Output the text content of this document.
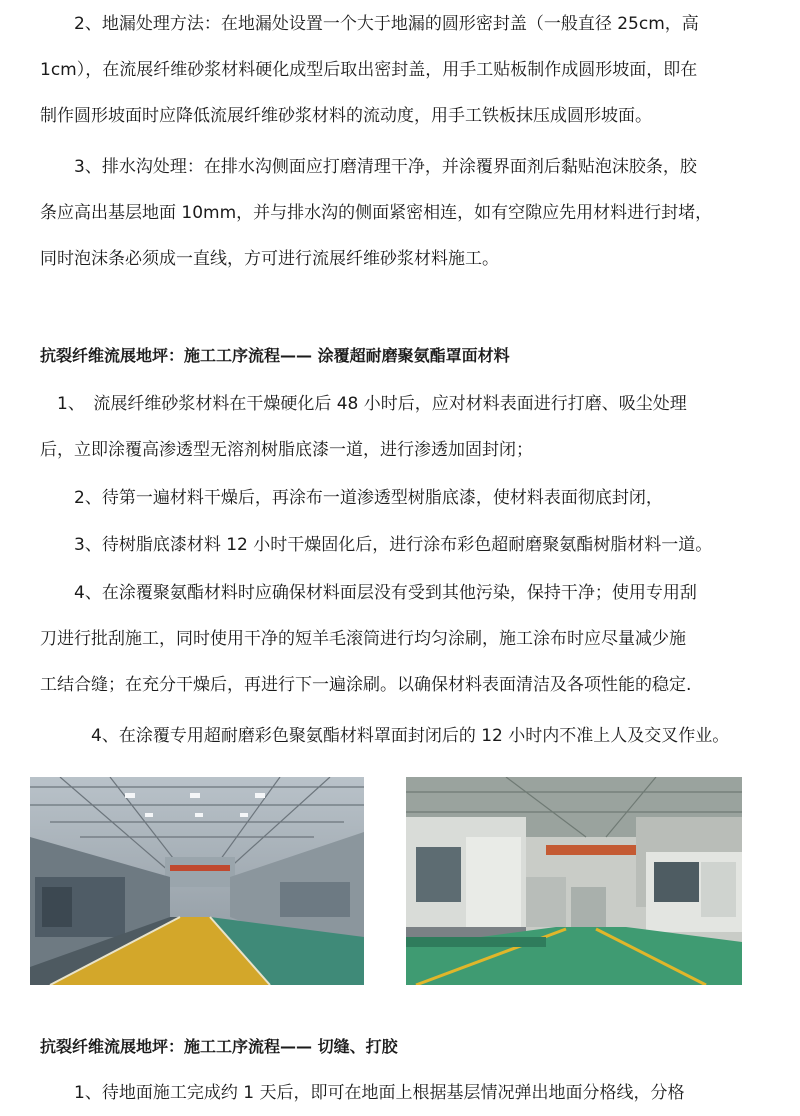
　　2、地漏处理方法：在地漏处设置一个大于地漏的圆形密封盖（一般直径 25cm，高
1cm），在流展纤维砂浆材料硬化成型后取出密封盖，用手工贴板制作成圆形坡面，即在
制作圆形坡面时应降低流展纤维砂浆材料的流动度，用手工铁板抹压成圆形坡面。
　　3、排水沟处理：在排水沟侧面应打磨清理干净，并涂覆界面剂后黏贴泡沫胶条，胶
条应高出基层地面 10mm，并与排水沟的侧面紧密相连，如有空隙应先用材料进行封堵，
同时泡沫条必须成一直线，方可进行流展纤维砂浆材料施工。
抗裂纤维流展地坪：施工工序流程—— 涂覆超耐磨聚氨酯罩面材料
　1、　流展纤维砂浆材料在干燥硬化后 48 小时后，应对材料表面进行打磨、吸尘处理
后，立即涂覆高渗透型无溶剂树脂底漆一道，进行渗透加固封闭；
　　2、待第一遍材料干燥后，再涂布一道渗透型树脂底漆，使材料表面彻底封闭，
　　3、待树脂底漆材料 12 小时干燥固化后，进行涂布彩色超耐磨聚氨酯树脂材料一道。
　　4、在涂覆聚氨酯材料时应确保材料面层没有受到其他污染，保持干净；使用专用刮
刀进行批刮施工，同时使用干净的短羊毛滚筒进行均匀涂刷，施工涂布时应尽量减少施
工结合缝；在充分干燥后，再进行下一遍涂刷。以确保材料表面清洁及各项性能的稳定.
　　　4、在涂覆专用超耐磨彩色聚氨酯材料罩面封闭后的 12 小时内不准上人及交叉作业。
抗裂纤维流展地坪：施工工序流程—— 切缝、打胶
　　1、待地面施工完成约 1 天后，即可在地面上根据基层情况弹出地面分格线，分格
